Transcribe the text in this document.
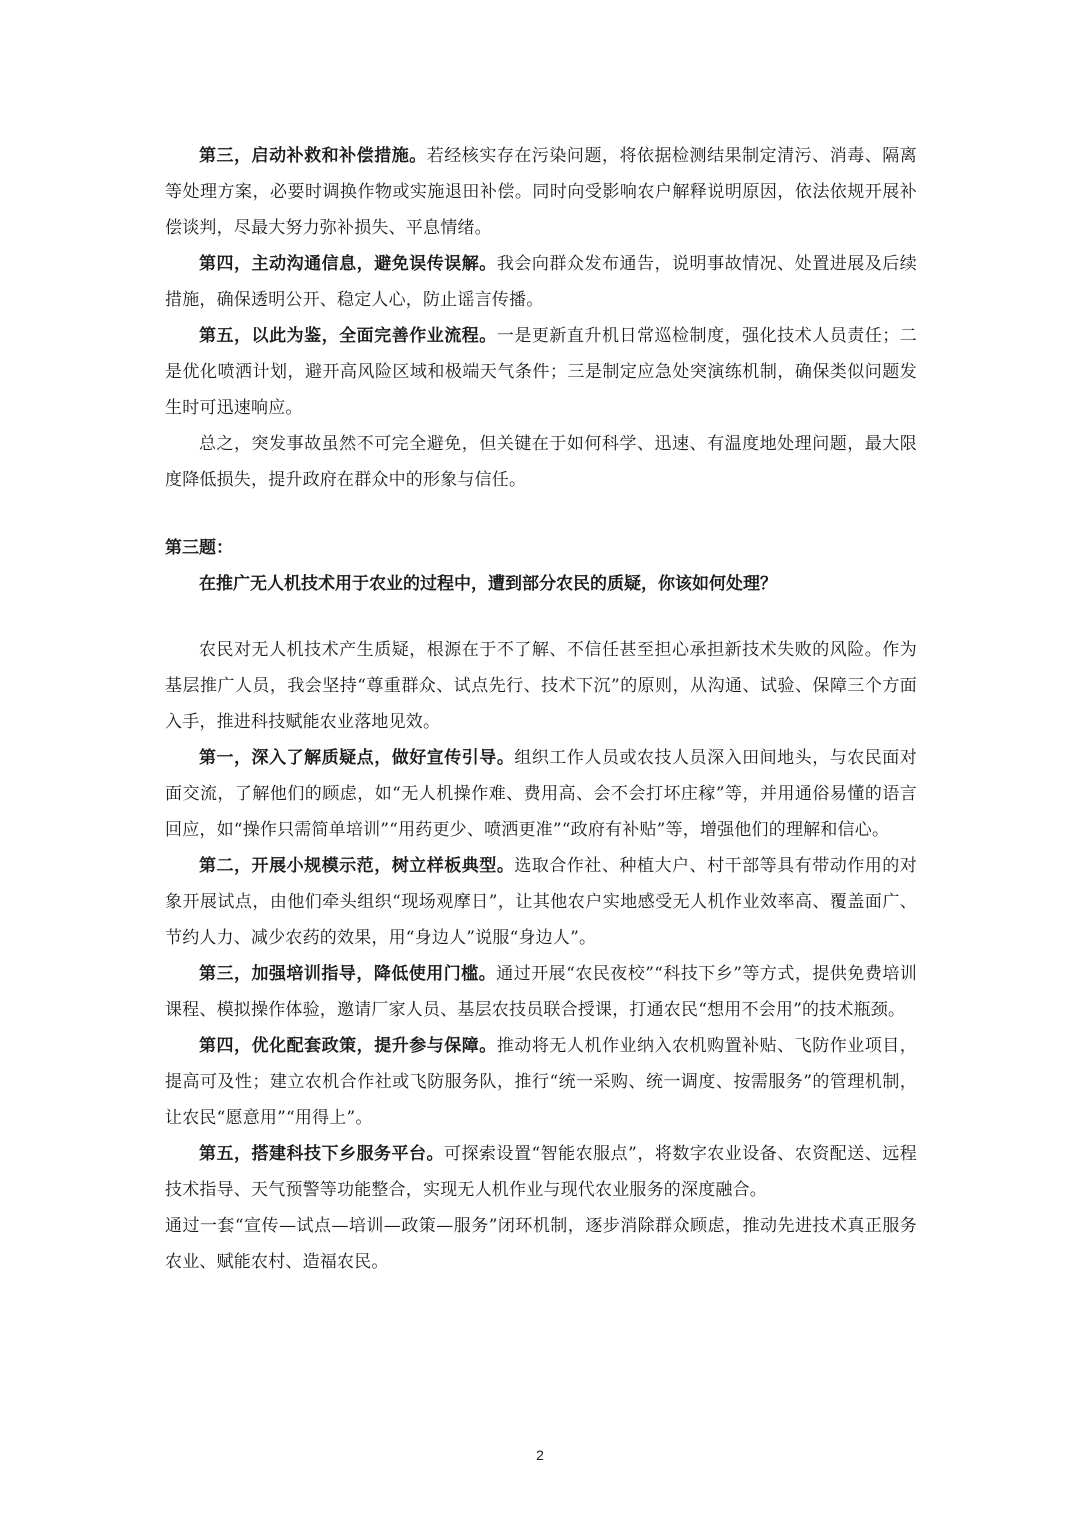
第三，启动补救和补偿措施。若经核实存在污染问题，将依据检测结果制定清污、消毒、隔离等处理方案，必要时调换作物或实施退田补偿。同时向受影响农户解释说明原因，依法依规开展补偿谈判，尽最大努力弥补损失、平息情绪。

第四，主动沟通信息，避免误传误解。我会向群众发布通告，说明事故情况、处置进展及后续措施，确保透明公开、稳定人心，防止谣言传播。

第五，以此为鉴，全面完善作业流程。一是更新直升机日常巡检制度，强化技术人员责任；二是优化喷洒计划，避开高风险区域和极端天气条件；三是制定应急处突演练机制，确保类似问题发生时可迅速响应。

总之，突发事故虽然不可完全避免，但关键在于如何科学、迅速、有温度地处理问题，最大限度降低损失，提升政府在群众中的形象与信任。

第三题：

在推广无人机技术用于农业的过程中，遭到部分农民的质疑，你该如何处理？

农民对无人机技术产生质疑，根源在于不了解、不信任甚至担心承担新技术失败的风险。作为基层推广人员，我会坚持“尊重群众、试点先行、技术下沉”的原则，从沟通、试验、保障三个方面入手，推进科技赋能农业落地见效。

第一，深入了解质疑点，做好宣传引导。组织工作人员或农技人员深入田间地头，与农民面对面交流，了解他们的顾虑，如“无人机操作难、费用高、会不会打坏庄稼”等，并用通俗易懂的语言回应，如“操作只需简单培训”“用药更少、喷洒更准”“政府有补贴”等，增强他们的理解和信心。

第二，开展小规模示范，树立样板典型。选取合作社、种植大户、村干部等具有带动作用的对象开展试点，由他们牵头组织“现场观摩日”，让其他农户实地感受无人机作业效率高、覆盖面广、节约人力、减少农药的效果，用“身边人”说服“身边人”。

第三，加强培训指导，降低使用门槛。通过开展“农民夜校”“科技下乡”等方式，提供免费培训课程、模拟操作体验，邀请厂家人员、基层农技员联合授课，打通农民“想用不会用”的技术瓶颈。

第四，优化配套政策，提升参与保障。推动将无人机作业纳入农机购置补贴、飞防作业项目，提高可及性；建立农机合作社或飞防服务队，推行“统一采购、统一调度、按需服务”的管理机制，让农民“愿意用”“用得上”。

第五，搭建科技下乡服务平台。可探索设置“智能农服点”，将数字农业设备、农资配送、远程技术指导、天气预警等功能整合，实现无人机作业与现代农业服务的深度融合。

通过一套“宣传—试点—培训—政策—服务”闭环机制，逐步消除群众顾虑，推动先进技术真正服务农业、赋能农村、造福农民。

2
